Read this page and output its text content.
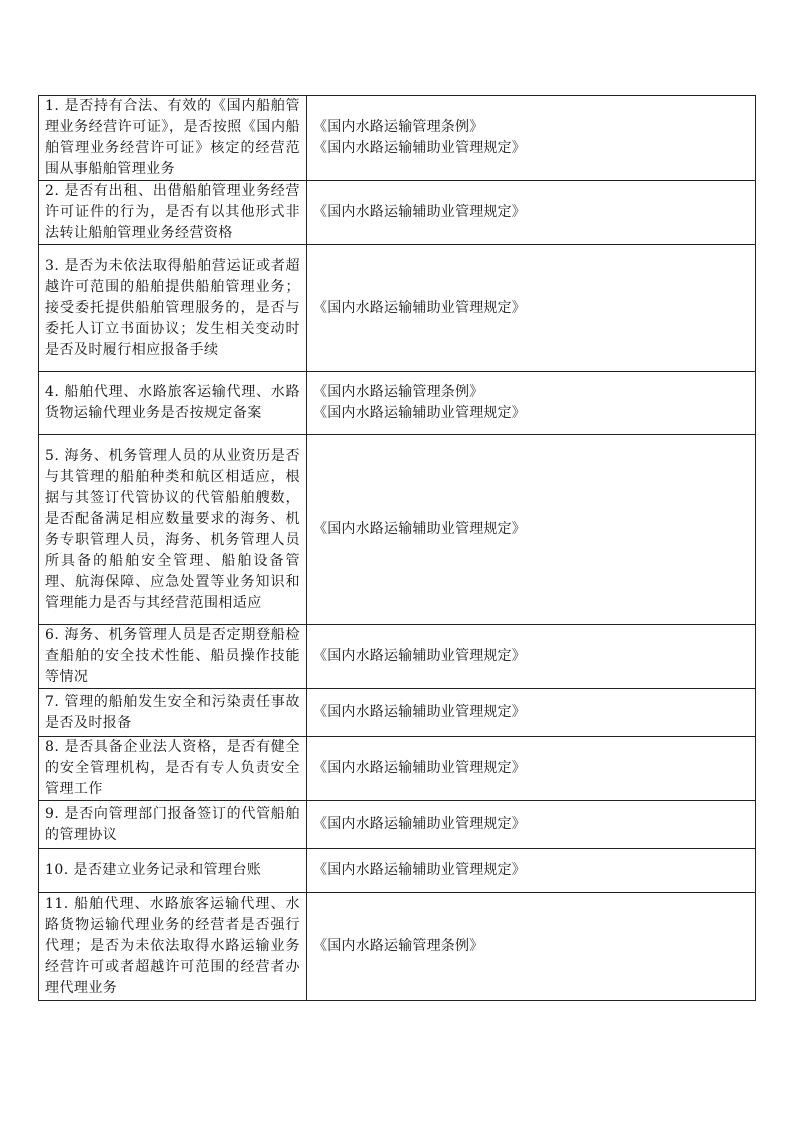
1. 是否持有合法、有效的《国内船舶管理业务经营许可证》，是否按照《国内船舶管理业务经营许可证》核定的经营范围从事船舶管理业务	《国内水路运输管理条例》
《国内水路运输辅助业管理规定》

2. 是否有出租、出借船舶管理业务经营许可证件的行为，是否有以其他形式非法转让船舶管理业务经营资格	《国内水路运输辅助业管理规定》

3. 是否为未依法取得船舶营运证或者超越许可范围的船舶提供船舶管理业务；接受委托提供船舶管理服务的，是否与委托人订立书面协议；发生相关变动时是否及时履行相应报备手续	《国内水路运输辅助业管理规定》

4. 船舶代理、水路旅客运输代理、水路货物运输代理业务是否按规定备案	《国内水路运输管理条例》
《国内水路运输辅助业管理规定》

5. 海务、机务管理人员的从业资历是否与其管理的船舶种类和航区相适应，根据与其签订代管协议的代管船舶艘数，是否配备满足相应数量要求的海务、机务专职管理人员，海务、机务管理人员所具备的船舶安全管理、船舶设备管理、航海保障、应急处置等业务知识和管理能力是否与其经营范围相适应	《国内水路运输辅助业管理规定》

6. 海务、机务管理人员是否定期登船检查船舶的安全技术性能、船员操作技能等情况	《国内水路运输辅助业管理规定》

7. 管理的船舶发生安全和污染责任事故是否及时报备	《国内水路运输辅助业管理规定》

8. 是否具备企业法人资格，是否有健全的安全管理机构，是否有专人负责安全管理工作	《国内水路运输辅助业管理规定》

9. 是否向管理部门报备签订的代管船舶的管理协议	《国内水路运输辅助业管理规定》

10. 是否建立业务记录和管理台账	《国内水路运输辅助业管理规定》

11. 船舶代理、水路旅客运输代理、水路货物运输代理业务的经营者是否强行代理；是否为未依法取得水路运输业务经营许可或者超越许可范围的经营者办理代理业务	《国内水路运输管理条例》
